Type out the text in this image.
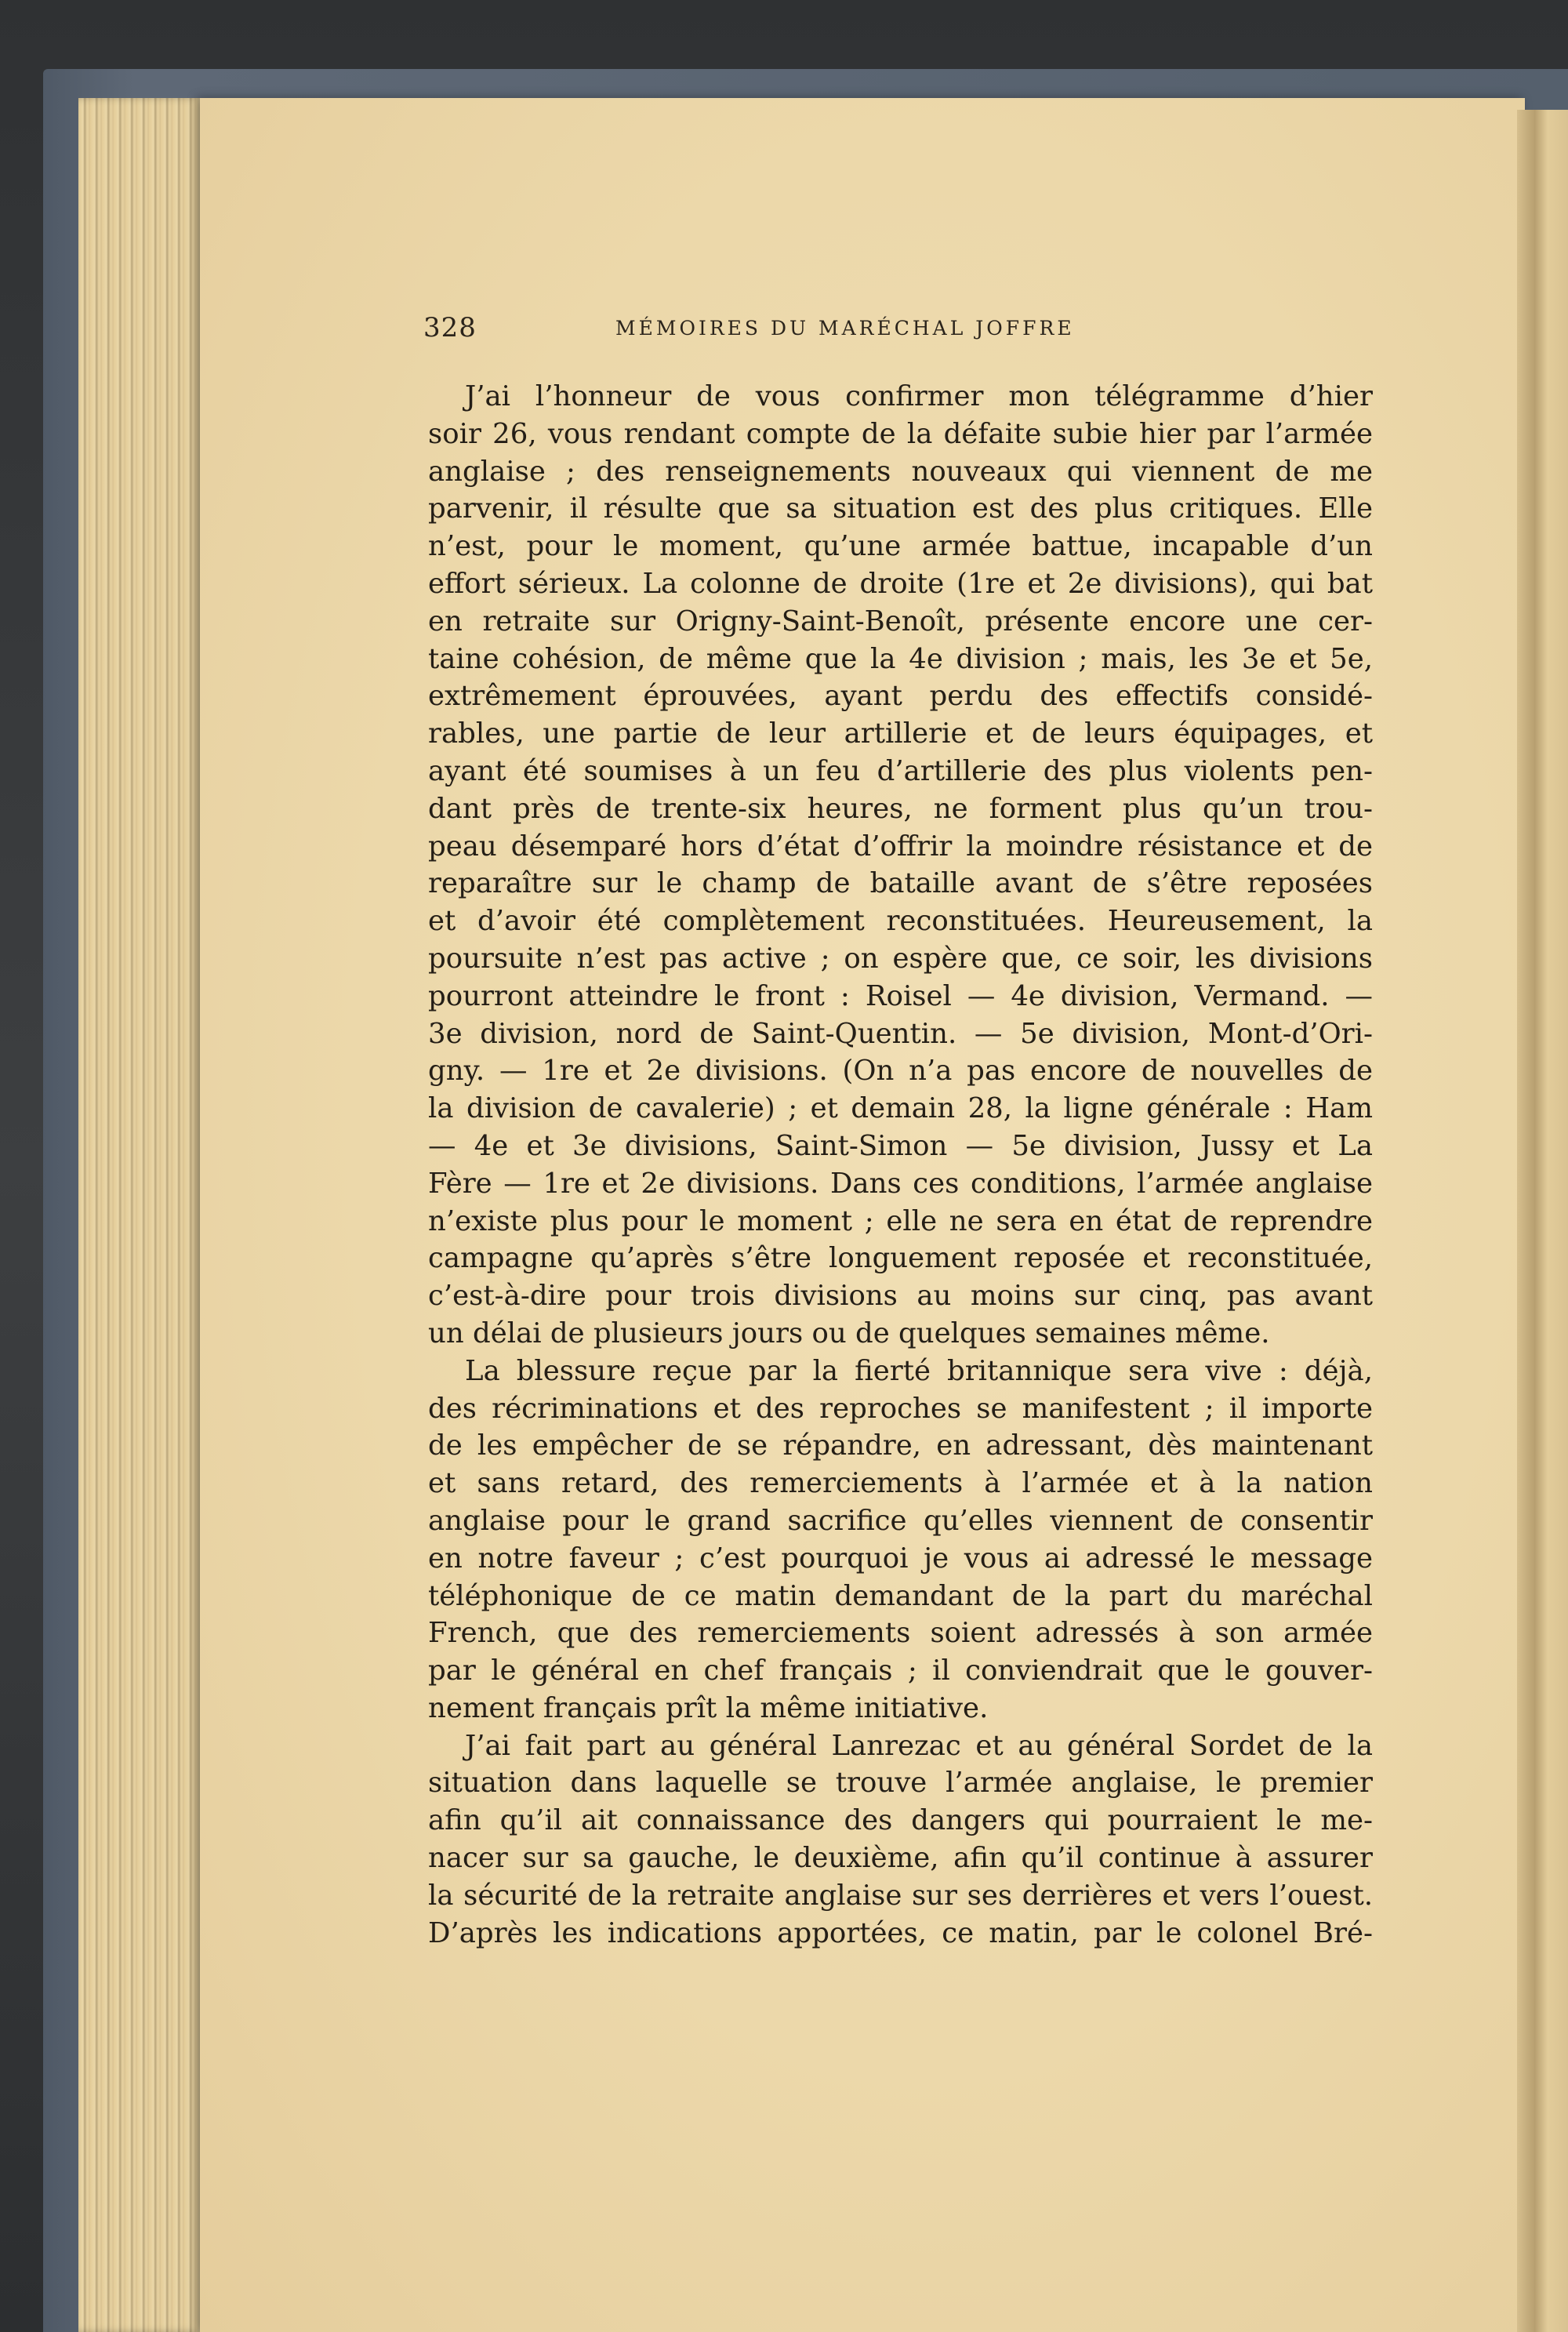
328	MÉMOIRES DU MARÉCHAL JOFFRE
J’ai l’honneur de vous confirmer mon télégramme d’hier
soir 26, vous rendant compte de la défaite subie hier par l’armée
anglaise ; des renseignements nouveaux qui viennent de me
parvenir, il résulte que sa situation est des plus critiques. Elle
n’est, pour le moment, qu’une armée battue, incapable d’un
effort sérieux. La colonne de droite (1re et 2e divisions), qui bat
en retraite sur Origny-Saint-Benoît, présente encore une cer-
taine cohésion, de même que la 4e division ; mais, les 3e et 5e,
extrêmement éprouvées, ayant perdu des effectifs considé-
rables, une partie de leur artillerie et de leurs équipages, et
ayant été soumises à un feu d’artillerie des plus violents pen-
dant près de trente-six heures, ne forment plus qu’un trou-
peau désemparé hors d’état d’offrir la moindre résistance et de
reparaître sur le champ de bataille avant de s’être reposées
et d’avoir été complètement reconstituées. Heureusement, la
poursuite n’est pas active ; on espère que, ce soir, les divisions
pourront atteindre le front : Roisel — 4e division, Vermand. —
3e division, nord de Saint-Quentin. — 5e division, Mont-d’Ori-
gny. — 1re et 2e divisions. (On n’a pas encore de nouvelles de
la division de cavalerie) ; et demain 28, la ligne générale : Ham
— 4e et 3e divisions, Saint-Simon — 5e division, Jussy et La
Fère — 1re et 2e divisions. Dans ces conditions, l’armée anglaise
n’existe plus pour le moment ; elle ne sera en état de reprendre
campagne qu’après s’être longuement reposée et reconstituée,
c’est-à-dire pour trois divisions au moins sur cinq, pas avant
un délai de plusieurs jours ou de quelques semaines même.
La blessure reçue par la fierté britannique sera vive : déjà,
des récriminations et des reproches se manifestent ; il importe
de les empêcher de se répandre, en adressant, dès maintenant
et sans retard, des remerciements à l’armée et à la nation
anglaise pour le grand sacrifice qu’elles viennent de consentir
en notre faveur ; c’est pourquoi je vous ai adressé le message
téléphonique de ce matin demandant de la part du maréchal
French, que des remerciements soient adressés à son armée
par le général en chef français ; il conviendrait que le gouver-
nement français prît la même initiative.
J’ai fait part au général Lanrezac et au général Sordet de la
situation dans laquelle se trouve l’armée anglaise, le premier
afin qu’il ait connaissance des dangers qui pourraient le me-
nacer sur sa gauche, le deuxième, afin qu’il continue à assurer
la sécurité de la retraite anglaise sur ses derrières et vers l’ouest.
D’après les indications apportées, ce matin, par le colonel Bré-
